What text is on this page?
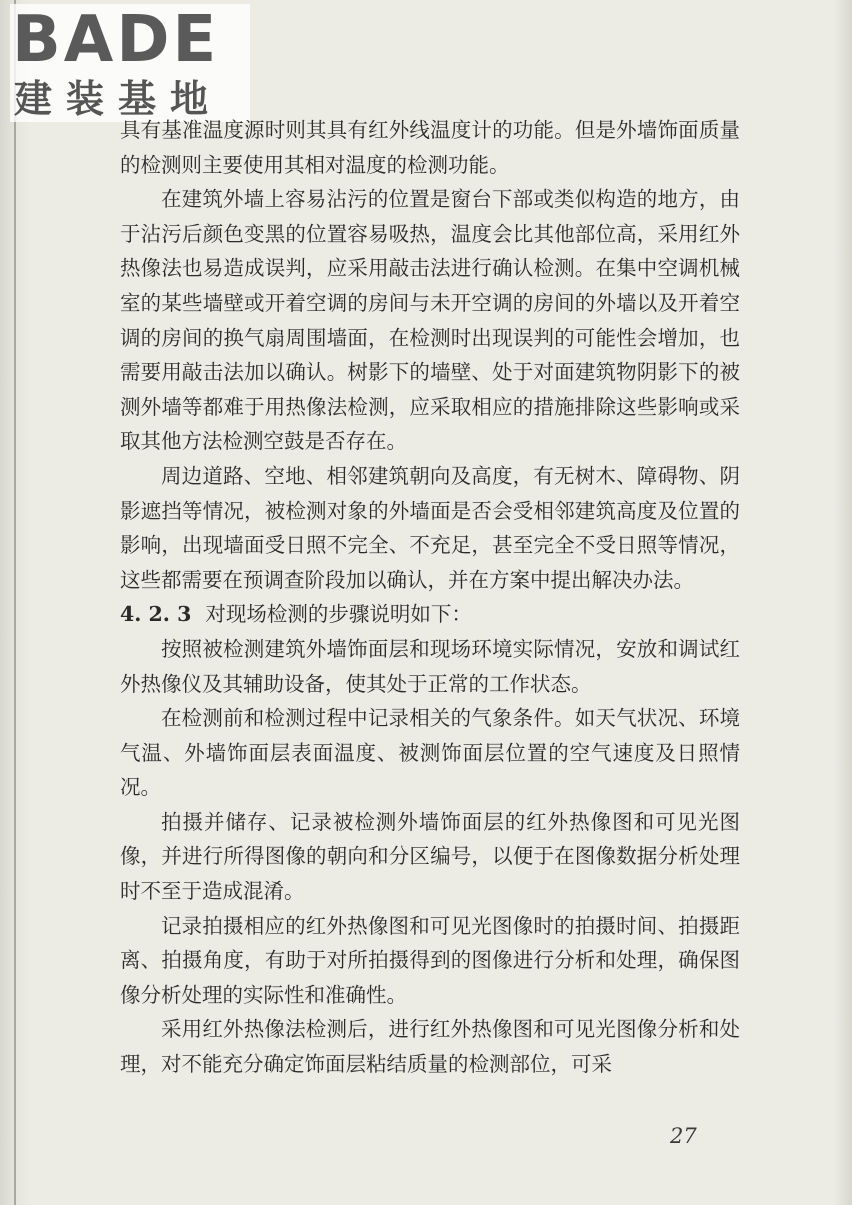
BADE
建装基地

具有基准温度源时则其具有红外线温度计的功能。但是外墙饰面质量的检测则主要使用其相对温度的检测功能。

在建筑外墙上容易沾污的位置是窗台下部或类似构造的地方，由于沾污后颜色变黑的位置容易吸热，温度会比其他部位高，采用红外热像法也易造成误判，应采用敲击法进行确认检测。在集中空调机械室的某些墙壁或开着空调的房间与未开空调的房间的外墙以及开着空调的房间的换气扇周围墙面，在检测时出现误判的可能性会增加，也需要用敲击法加以确认。树影下的墙壁、处于对面建筑物阴影下的被测外墙等都难于用热像法检测，应采取相应的措施排除这些影响或采取其他方法检测空鼓是否存在。

周边道路、空地、相邻建筑朝向及高度，有无树木、障碍物、阴影遮挡等情况，被检测对象的外墙面是否会受相邻建筑高度及位置的影响，出现墙面受日照不完全、不充足，甚至完全不受日照等情况，这些都需要在预调查阶段加以确认，并在方案中提出解决办法。

4. 2. 3 对现场检测的步骤说明如下：

按照被检测建筑外墙饰面层和现场环境实际情况，安放和调试红外热像仪及其辅助设备，使其处于正常的工作状态。

在检测前和检测过程中记录相关的气象条件。如天气状况、环境气温、外墙饰面层表面温度、被测饰面层位置的空气速度及日照情况。

拍摄并储存、记录被检测外墙饰面层的红外热像图和可见光图像，并进行所得图像的朝向和分区编号，以便于在图像数据分析处理时不至于造成混淆。

记录拍摄相应的红外热像图和可见光图像时的拍摄时间、拍摄距离、拍摄角度，有助于对所拍摄得到的图像进行分析和处理，确保图像分析处理的实际性和准确性。

采用红外热像法检测后，进行红外热像图和可见光图像分析和处理，对不能充分确定饰面层粘结质量的检测部位，可采

27
